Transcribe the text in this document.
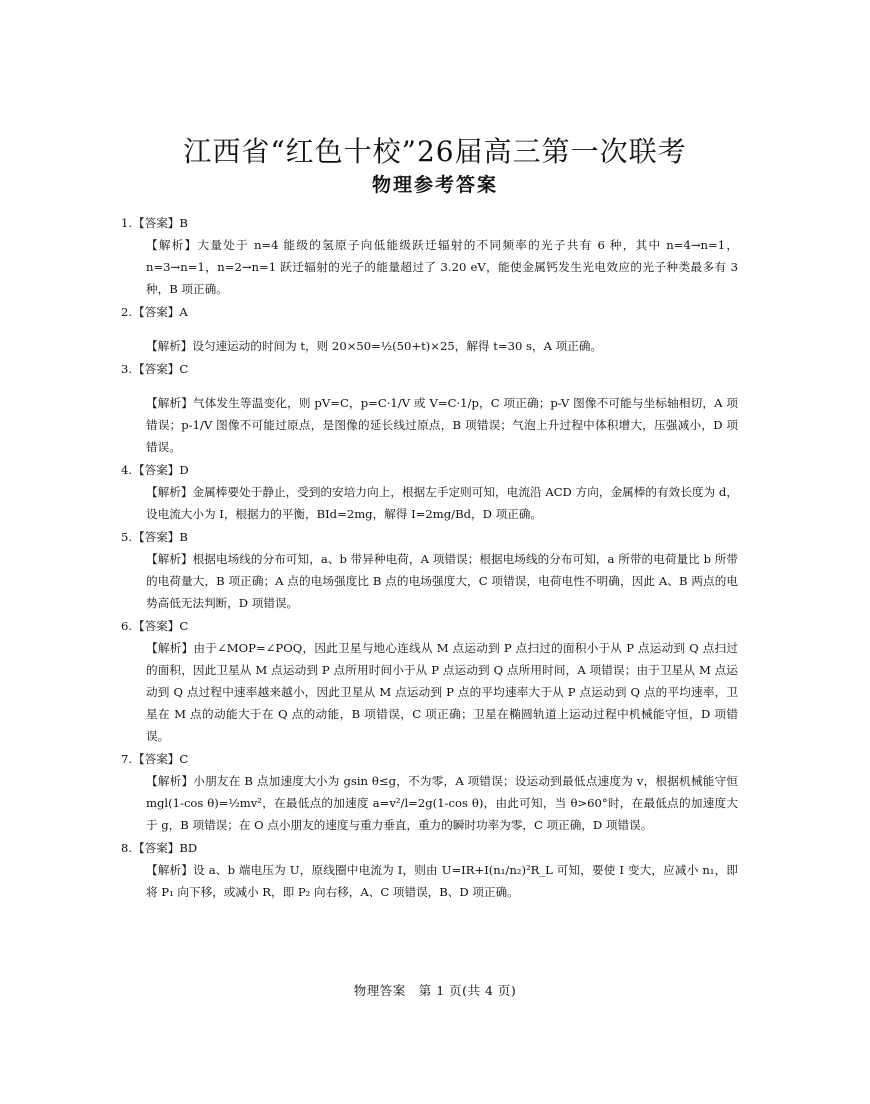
江西省“红色十校”26届高三第一次联考
物理参考答案
1. 【答案】B
【解析】大量处于 n=4 能级的氢原子向低能级跃迁辐射的不同频率的光子共有 6 种，其中 n=4→n=1，n=3→n=1，n=2→n=1 跃迁辐射的光子的能量超过了 3.20 eV，能使金属钙发生光电效应的光子种类最多有 3 种，B 项正确。
2. 【答案】A
【解析】设匀速运动的时间为 t，则 20×50=½(50+t)×25，解得 t=30 s，A 项正确。
3. 【答案】C
【解析】气体发生等温变化，则 pV=C，p=C·1/V 或 V=C·1/p，C 项正确；p-V 图像不可能与坐标轴相切，A 项错误；p-1/V 图像不可能过原点，是图像的延长线过原点，B 项错误；气泡上升过程中体积增大，压强减小，D 项错误。
4. 【答案】D
【解析】金属棒要处于静止，受到的安培力向上，根据左手定则可知，电流沿 ACD 方向，金属棒的有效长度为 d，设电流大小为 I，根据力的平衡，BId=2mg，解得 I=2mg/Bd，D 项正确。
5. 【答案】B
【解析】根据电场线的分布可知，a、b 带异种电荷，A 项错误；根据电场线的分布可知，a 所带的电荷量比 b 所带的电荷量大，B 项正确；A 点的电场强度比 B 点的电场强度大，C 项错误，电荷电性不明确，因此 A、B 两点的电势高低无法判断，D 项错误。
6. 【答案】C
【解析】由于∠MOP=∠POQ，因此卫星与地心连线从 M 点运动到 P 点扫过的面积小于从 P 点运动到 Q 点扫过的面积，因此卫星从 M 点运动到 P 点所用时间小于从 P 点运动到 Q 点所用时间，A 项错误；由于卫星从 M 点运动到 Q 点过程中速率越来越小，因此卫星从 M 点运动到 P 点的平均速率大于从 P 点运动到 Q 点的平均速率，卫星在 M 点的动能大于在 Q 点的动能，B 项错误，C 项正确；卫星在椭圆轨道上运动过程中机械能守恒，D 项错误。
7. 【答案】C
【解析】小朋友在 B 点加速度大小为 gsin θ≤g，不为零，A 项错误；设运动到最低点速度为 v，根据机械能守恒 mgl(1-cos θ)=½mv²，在最低点的加速度 a=v²/l=2g(1-cos θ)，由此可知，当 θ>60°时，在最低点的加速度大于 g，B 项错误；在 O 点小朋友的速度与重力垂直，重力的瞬时功率为零，C 项正确，D 项错误。
8. 【答案】BD
【解析】设 a、b 端电压为 U，原线圈中电流为 I，则由 U=IR+I(n₁/n₂)²R_L 可知，要使 I 变大，应减小 n₁，即将 P₁ 向下移，或减小 R，即 P₂ 向右移，A、C 项错误，B、D 项正确。
物理答案　第 1 页(共 4 页)
